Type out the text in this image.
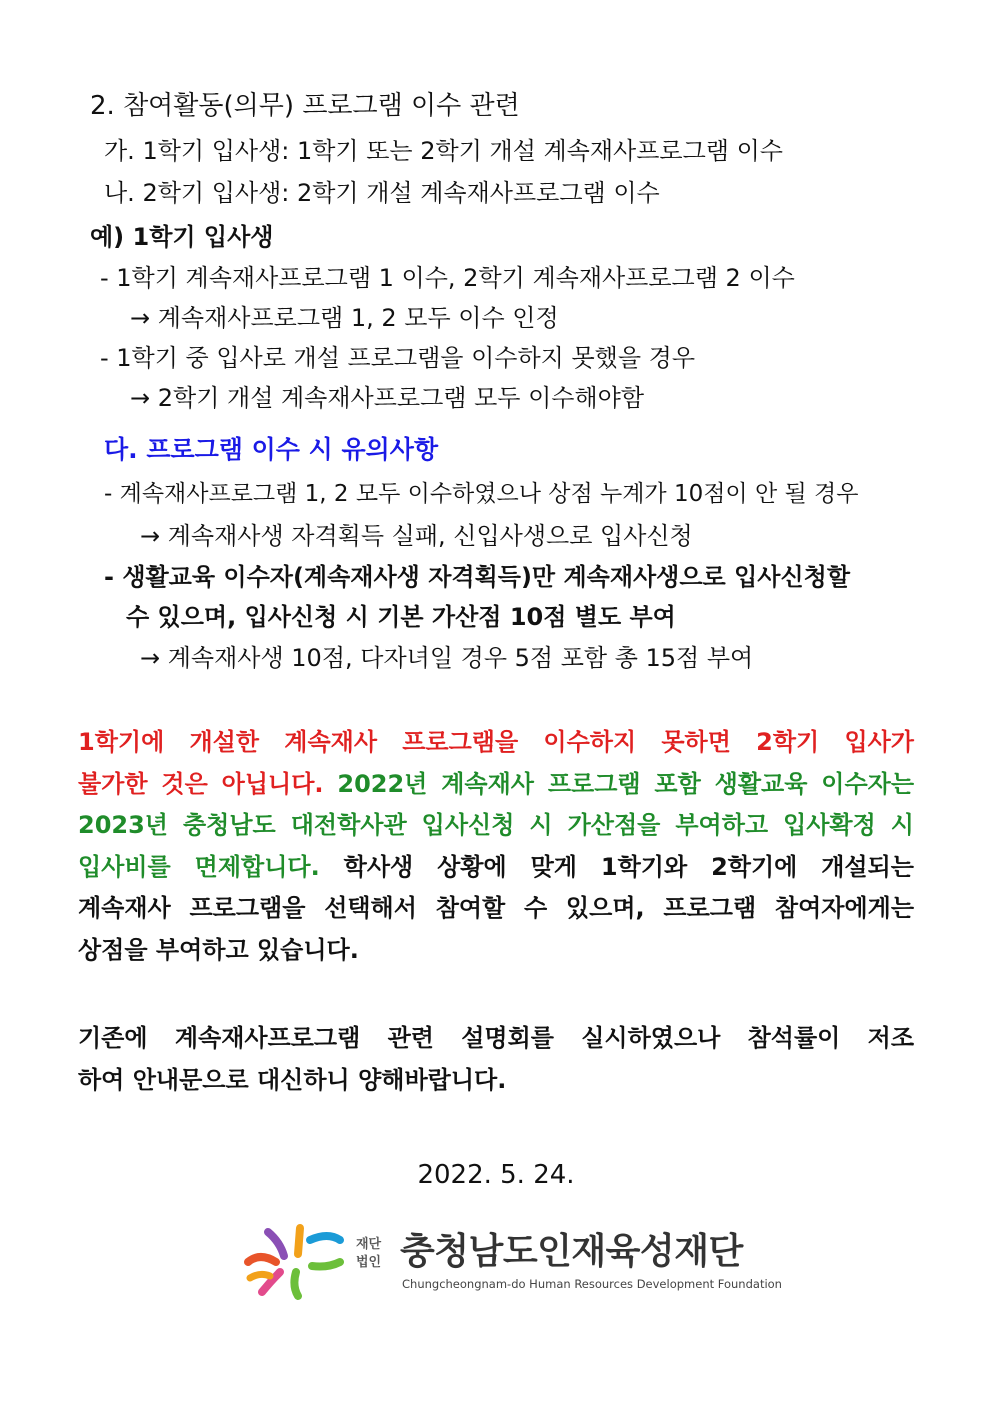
2. 참여활동(의무) 프로그램 이수 관련
가. 1학기 입사생: 1학기 또는 2학기 개설 계속재사프로그램 이수
나. 2학기 입사생: 2학기 개설 계속재사프로그램 이수
예) 1학기 입사생
- 1학기 계속재사프로그램 1 이수, 2학기 계속재사프로그램 2 이수
→ 계속재사프로그램 1, 2 모두 이수 인정
- 1학기 중 입사로 개설 프로그램을 이수하지 못했을 경우
→ 2학기 개설 계속재사프로그램 모두 이수해야함
다. 프로그램 이수 시 유의사항
- 계속재사프로그램 1, 2 모두 이수하였으나 상점 누계가 10점이 안 될 경우
→ 계속재사생 자격획득 실패, 신입사생으로 입사신청
- 생활교육 이수자(계속재사생 자격획득)만 계속재사생으로 입사신청할
수 있으며, 입사신청 시 기본 가산점 10점 별도 부여
→ 계속재사생 10점, 다자녀일 경우 5점 포함 총 15점 부여
1학기에 개설한 계속재사 프로그램을 이수하지 못하면 2학기 입사가
불가한 것은 아닙니다. 2022년 계속재사 프로그램 포함 생활교육 이수자는
2023년 충청남도 대전학사관 입사신청 시 가산점을 부여하고 입사확정 시
입사비를 면제합니다. 학사생 상황에 맞게 1학기와 2학기에 개설되는
계속재사 프로그램을 선택해서 참여할 수 있으며, 프로그램 참여자에게는
상점을 부여하고 있습니다.
기존에 계속재사프로그램 관련 설명회를 실시하였으나 참석률이 저조
하여 안내문으로 대신하니 양해바랍니다.
2022. 5. 24.
재단
법인 충청남도인재육성재단
Chungcheongnam-do Human Resources Development Foundation
